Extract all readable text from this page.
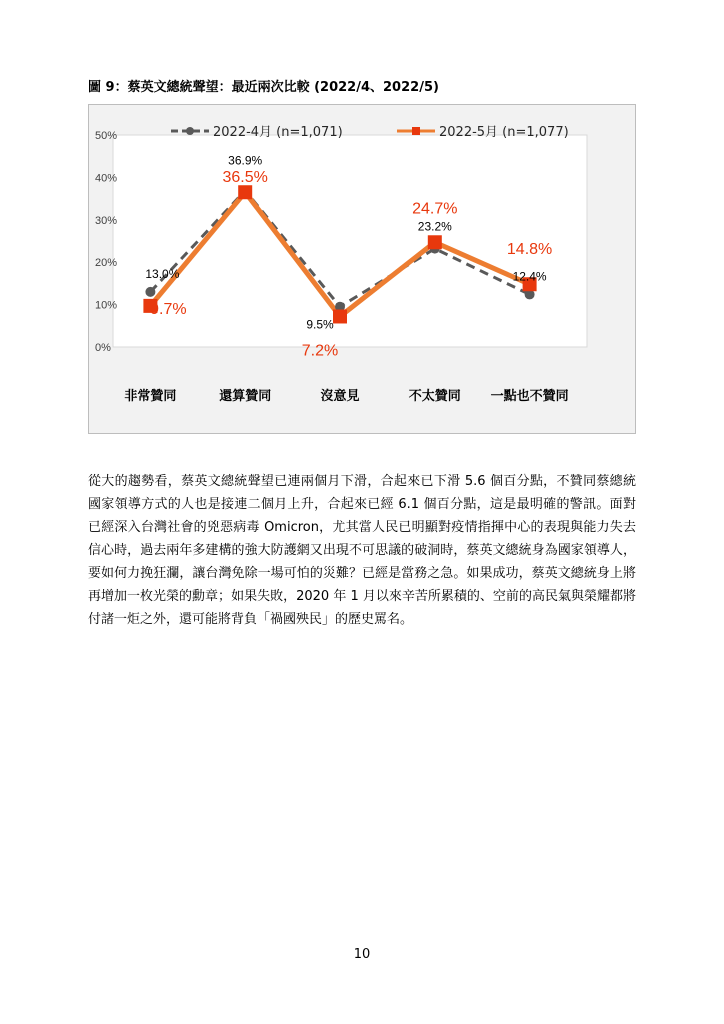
圖 9：蔡英文總統聲望：最近兩次比較 (2022/4、2022/5)
0%
10%
20%
30%
40%
50%
非常贊同	還算贊同	沒意見	不太贊同 一點也不贊同
2022-4月 (n=1,071)	2022-5月 (n=1,077)
13.0%
36.9%
9.5%
23.2%
12.4%
9.7%
36.5%
7.2%
24.7%
14.8%

從大的趨勢看，蔡英文總統聲望已連兩個月下滑，合起來已下滑 5.6 個百分點，不贊同蔡總統國家領導方式的人也是接連二個月上升，合起來已經 6.1 個百分點，這是最明確的警訊。面對已經深入台灣社會的兇惡病毒 Omicron，尤其當人民已明顯對疫情指揮中心的表現與能力失去信心時，過去兩年多建構的強大防護網又出現不可思議的破洞時，蔡英文總統身為國家領導人，要如何力挽狂瀾，讓台灣免除一場可怕的災難？已經是當務之急。如果成功，蔡英文總統身上將再增加一枚光榮的勳章；如果失敗，2020 年 1 月以來辛苦所累積的、空前的高民氣與榮耀都將付諸一炬之外，還可能將背負「禍國殃民」的歷史罵名。

10
